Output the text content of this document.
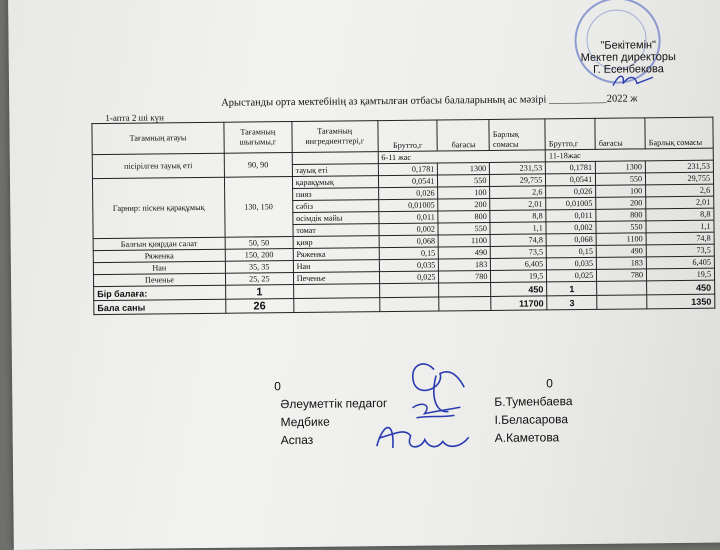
"Бекітемін"
Мектеп директоры
Г. Есенбекова
Арыстанды орта мектебінің аз қамтылған отбасы балаларының ас мәзірі ___________2022 ж
1-апта 2 ші күн
Тағамның атауы	Тағамның шығымы,г	Тағамның ингредиенттері,г	Брутто,г	бағасы	Барлық сомасы	Брутто,г	бағасы	Барлық сомасы
пісірілген тауық еті	90, 90		6-11 жас			11-18жас		
		тауық еті	0,1781	1300	231,53	0,1781	1300	231,53
Гарнир: піскен қарақұмық	130, 150	қарақұмық	0,0541	550	29,755	0,0541	550	29,755
		пияз	0,026	100	2,6	0,026	100	2,6
		сәбіз	0,01005	200	2,01	0,01005	200	2,01
		өсімдік майы	0,011	800	8,8	0,011	800	8,8
		томат	0,002	550	1,1	0,002	550	1,1
Балғын қиярдан салат	50, 50	қияр	0,068	1100	74,8	0,068	1100	74,8
Ряженка	150, 200	Ряженка	0,15	490	73,5	0,15	490	73,5
Нан	35, 35	Нан	0,035	183	6,405	0,035	183	6,405
Печенье	25, 25	Печенье	0,025	780	19,5	0,025	780	19,5
Бір балаға:	1				450	1		450
Бала саны	26				11700	3		1350
0	0
Әлеуметтік педагог	Б.Туменбаева
Медбике	І.Беласарова
Аспаз	А.Каметова
